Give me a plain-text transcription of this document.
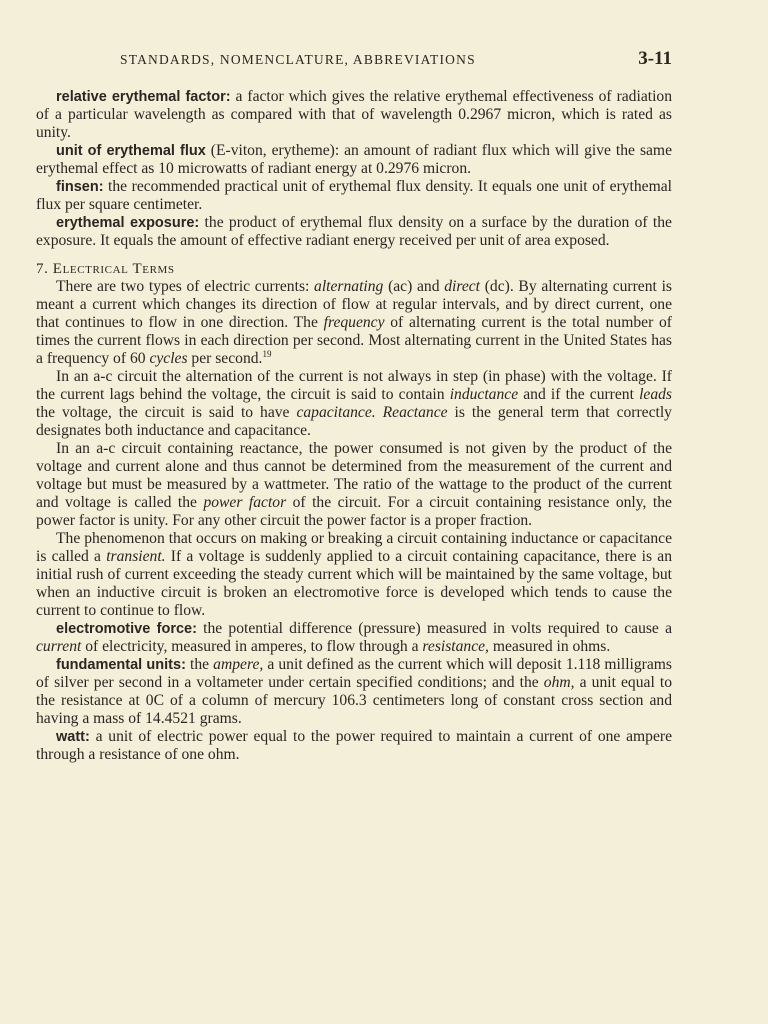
STANDARDS, NOMENCLATURE, ABBREVIATIONS	3-11

relative erythemal factor: a factor which gives the relative erythemal effectiveness of radiation of a particular wavelength as compared with that of wavelength 0.2967 micron, which is rated as unity.

unit of erythemal flux (E-viton, erytheme): an amount of radiant flux which will give the same erythemal effect as 10 microwatts of radiant energy at 0.2976 micron.

finsen: the recommended practical unit of erythemal flux density. It equals one unit of erythemal flux per square centimeter.

erythemal exposure: the product of erythemal flux density on a surface by the duration of the exposure. It equals the amount of effective radiant energy received per unit of area exposed.

7. Electrical Terms

There are two types of electric currents: alternating (ac) and direct (dc). By alternating current is meant a current which changes its direction of flow at regular intervals, and by direct current, one that continues to flow in one direction. The frequency of alternating current is the total number of times the current flows in each direction per second. Most alternating current in the United States has a frequency of 60 cycles per second.$^{19}$

In an a-c circuit the alternation of the current is not always in step (in phase) with the voltage. If the current lags behind the voltage, the circuit is said to contain inductance and if the current leads the voltage, the circuit is said to have capacitance. Reactance is the general term that correctly designates both inductance and capacitance.

In an a-c circuit containing reactance, the power consumed is not given by the product of the voltage and current alone and thus cannot be determined from the measurement of the current and voltage but must be measured by a wattmeter. The ratio of the wattage to the product of the current and voltage is called the power factor of the circuit. For a circuit containing resistance only, the power factor is unity. For any other circuit the power factor is a proper fraction.

The phenomenon that occurs on making or breaking a circuit containing inductance or capacitance is called a transient. If a voltage is suddenly applied to a circuit containing capacitance, there is an initial rush of current exceeding the steady current which will be maintained by the same voltage, but when an inductive circuit is broken an electromotive force is developed which tends to cause the current to continue to flow.

electromotive force: the potential difference (pressure) measured in volts required to cause a current of electricity, measured in amperes, to flow through a resistance, measured in ohms.

fundamental units: the ampere, a unit defined as the current which will deposit 1.118 milligrams of silver per second in a voltameter under certain specified conditions; and the ohm, a unit equal to the resistance at 0C of a column of mercury 106.3 centimeters long of constant cross section and having a mass of 14.4521 grams.

watt: a unit of electric power equal to the power required to maintain a current of one ampere through a resistance of one ohm.
